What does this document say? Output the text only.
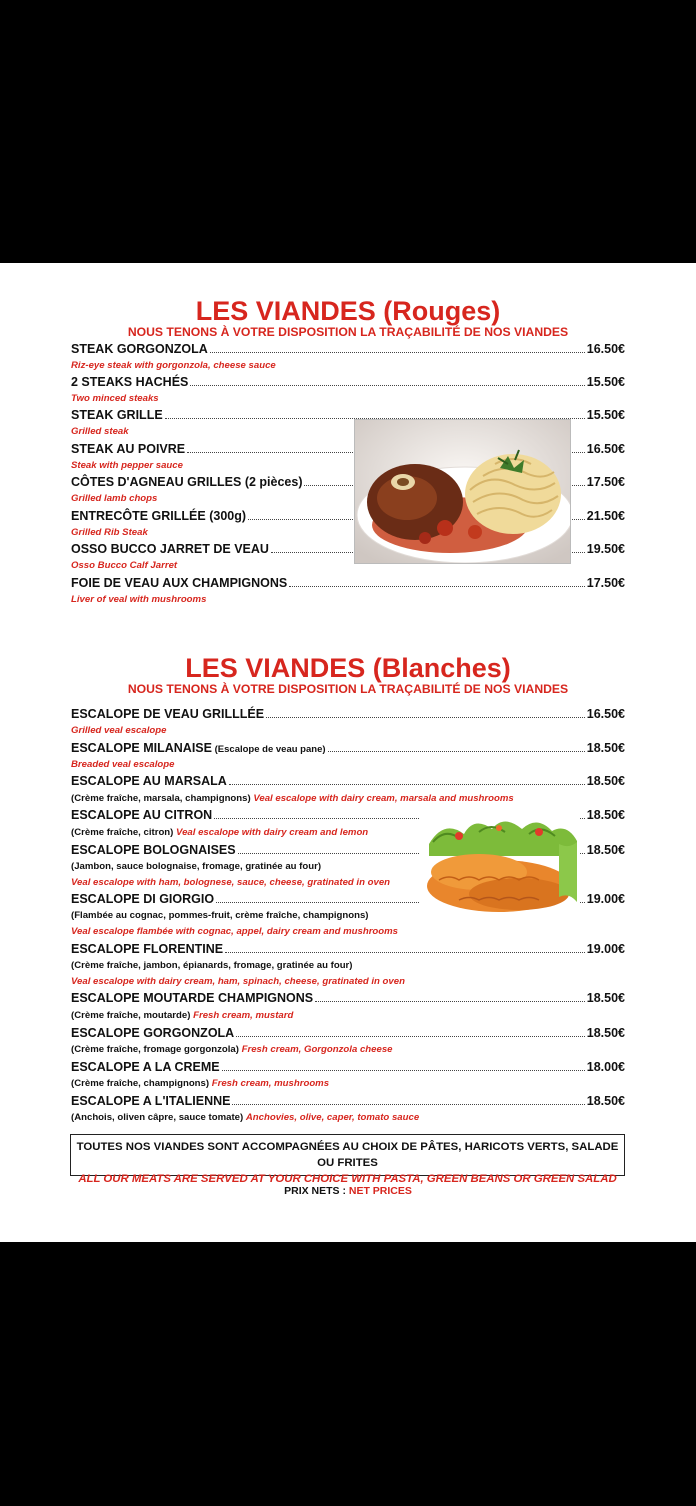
LES VIANDES (Rouges)
NOUS TENONS À VOTRE DISPOSITION LA TRAÇABILITÉ DE NOS VIANDES
STEAK GORGONZOLA	16.50€
Riz-eye steak with gorgonzola, cheese sauce
2 STEAKS HACHÉS	15.50€
Two minced steaks
STEAK GRILLE	15.50€
Grilled steak
STEAK AU POIVRE	16.50€
Steak with pepper sauce
CÔTES D'AGNEAU GRILLES (2 pièces)	17.50€
Grilled lamb chops
ENTRECÔTE GRILLÉE (300g)	21.50€
Grilled Rib Steak
OSSO BUCCO JARRET DE VEAU	19.50€
Osso Bucco Calf Jarret
FOIE DE VEAU AUX CHAMPIGNONS	17.50€
Liver of veal with mushrooms
LES VIANDES (Blanches)
NOUS TENONS À VOTRE DISPOSITION LA TRAÇABILITÉ DE NOS VIANDES
ESCALOPE DE VEAU GRILLLÉE	16.50€
Grilled veal escalope
ESCALOPE MILANAISE (Escalope de veau pane)	18.50€
Breaded veal escalope
ESCALOPE AU MARSALA	18.50€
(Crème fraîche, marsala, champignons) Veal escalope with dairy cream, marsala and mushrooms
ESCALOPE AU CITRON	18.50€
(Crème fraîche, citron) Veal escalope with dairy cream and lemon
ESCALOPE BOLOGNAISES	18.50€
(Jambon, sauce bolognaise, fromage, gratinée au four)
Veal escalope with ham, bolognese, sauce, cheese, gratinated in oven
ESCALOPE DI GIORGIO	19.00€
(Flambée au cognac, pommes-fruit, crème fraîche, champignons)
Veal escalope flambée with cognac, appel, dairy cream and mushrooms
ESCALOPE FLORENTINE	19.00€
(Crème fraîche, jambon, épianards, fromage, gratinée au four)
Veal escalope with dairy cream, ham, spinach, cheese, gratinated in oven
ESCALOPE MOUTARDE CHAMPIGNONS	18.50€
(Crème fraîche, moutarde) Fresh cream, mustard
ESCALOPE GORGONZOLA	18.50€
(Crème fraîche, fromage gorgonzola) Fresh cream, Gorgonzola cheese
ESCALOPE A LA CREME	18.00€
(Crème fraîche, champignons) Fresh cream, mushrooms
ESCALOPE A L'ITALIENNE	18.50€
(Anchois, oliven câpre, sauce tomate) Anchovies, olive, caper, tomato sauce
TOUTES NOS VIANDES SONT ACCOMPAGNÉES AU CHOIX DE PÂTES, HARICOTS VERTS, SALADE OU FRITES
ALL OUR MEATS ARE SERVED AT YOUR CHOICE WITH PASTA, GREEN BEANS OR GREEN SALAD
PRIX NETS : NET PRICES
